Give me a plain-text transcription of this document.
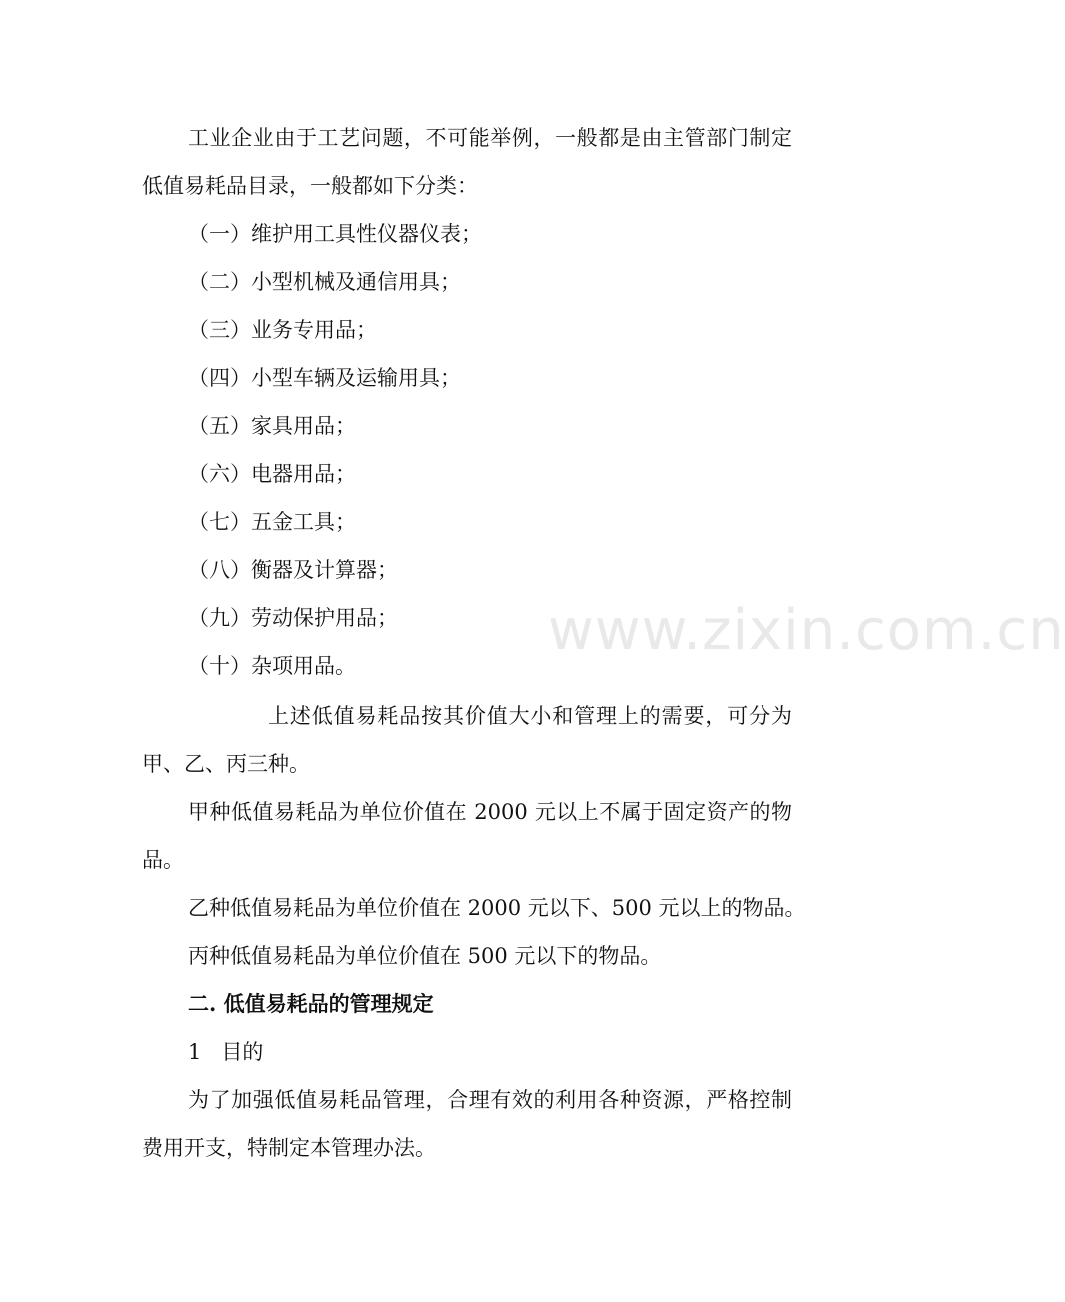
工业企业由于工艺问题，不可能举例，一般都是由主管部门制定
低值易耗品目录，一般都如下分类：
（一）维护用工具性仪器仪表；
（二）小型机械及通信用具；
（三）业务专用品；
（四）小型车辆及运输用具；
（五）家具用品；
（六）电器用品；
（七）五金工具；
（八）衡器及计算器；
（九）劳动保护用品；
（十）杂项用品。
上述低值易耗品按其价值大小和管理上的需要，可分为
甲、乙、丙三种。
甲种低值易耗品为单位价值在 2000 元以上不属于固定资产的物
品。
乙种低值易耗品为单位价值在 2000 元以下、500 元以上的物品。
丙种低值易耗品为单位价值在 500 元以下的物品。
二. 低值易耗品的管理规定
1 目的
为了加强低值易耗品管理，合理有效的利用各种资源，严格控制
费用开支，特制定本管理办法。
www.zixin.com.cn
